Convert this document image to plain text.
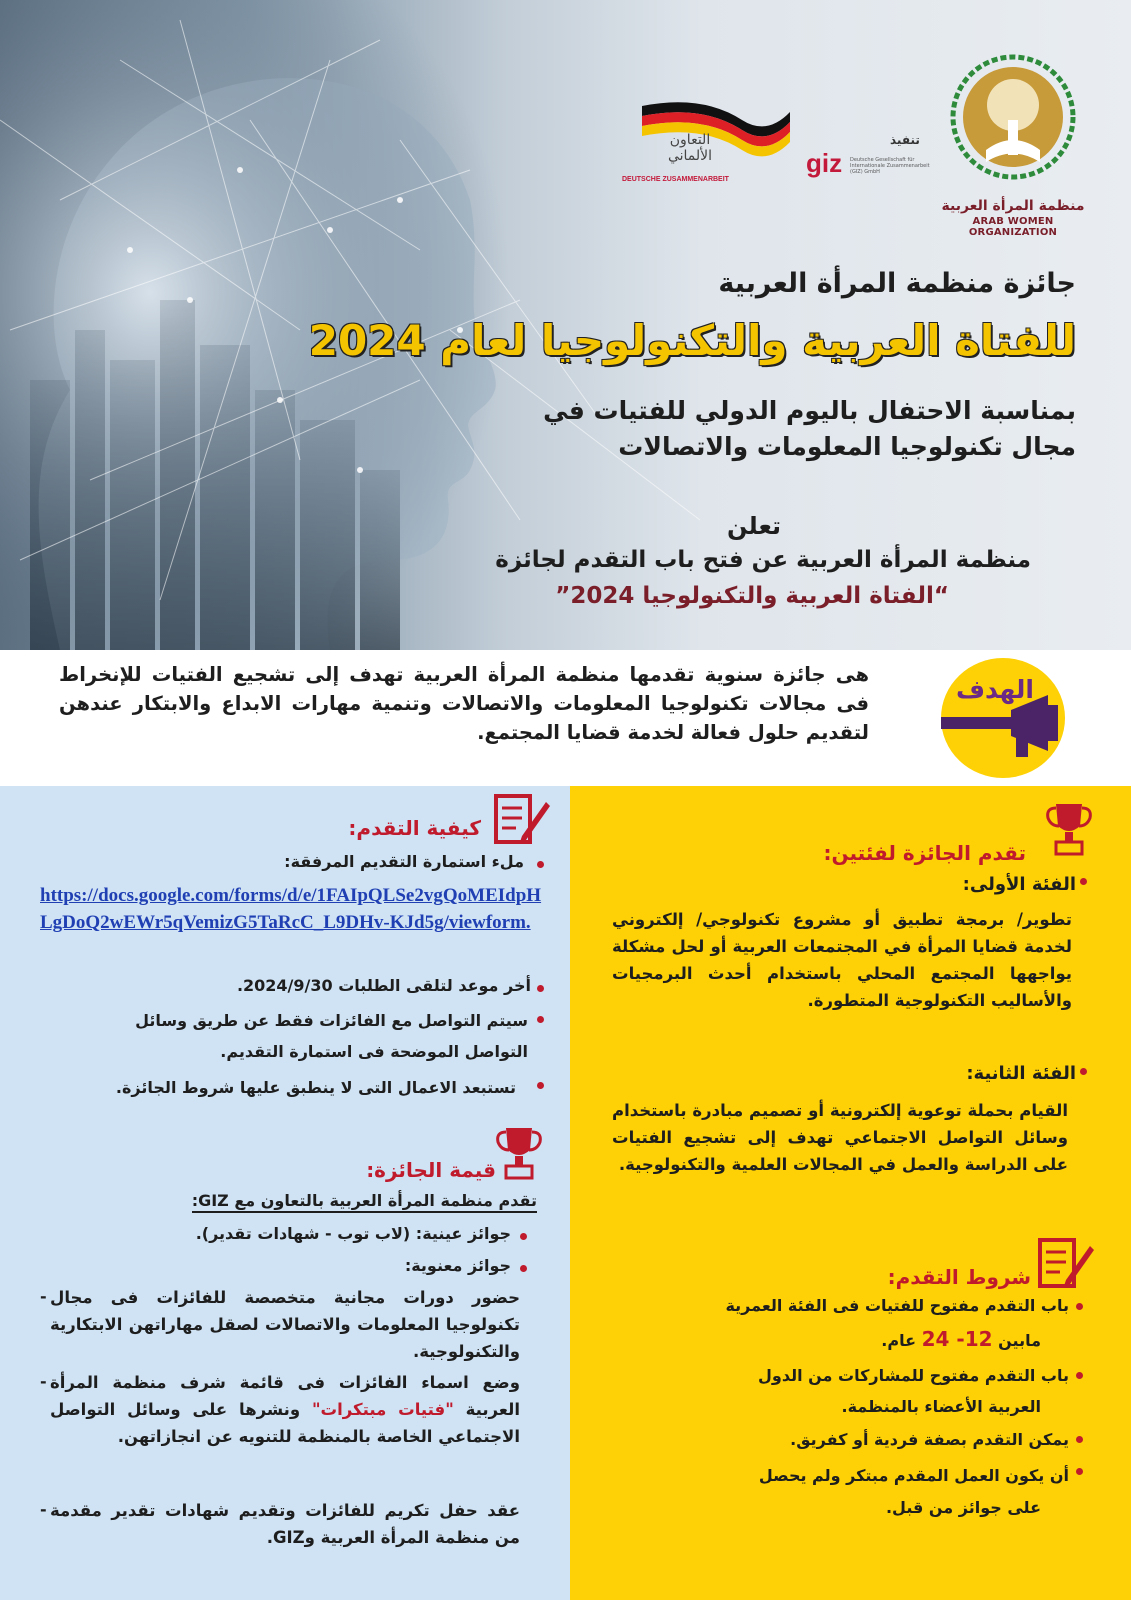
منظمة المرأة العربية
ARAB WOMEN ORGANIZATION
تنفيذ
giz Deutsche Gesellschaft für Internationale Zusammenarbeit (GIZ) GmbH
التعاون
الألماني
DEUTSCHE ZUSAMMENARBEIT

جائزة منظمة المرأة العربية

للفتاة العربية والتكنولوجيا لعام 2024

بمناسبة الاحتفال باليوم الدولي للفتيات في

مجال تكنولوجيا المعلومات والاتصالات

تعلن

منظمة المرأة العربية عن فتح باب التقدم لجائزة

“الفتاة العربية والتكنولوجيا 2024”

هى جائزة سنوية تقدمها منظمة المرأة العربية تهدف إلى تشجيع الفتيات للإنخراط فى مجالات تكنولوجيا المعلومات والاتصالات وتنمية مهارات الابداع والابتكار عندهن لتقديم حلول فعالة لخدمة قضايا المجتمع.

الهدف
كيفية التقدم:
ملء استمارة التقديم المرفقة:

https://docs.google.com/forms/d/e/1FAIpQLSe2vgQoMEIdpHLgDoQ2wEWr5qVemizG5TaRcC_L9DHv-KJd5g/viewform.

أخر موعد لتلقى الطلبات 2024/9/30.
سيتم التواصل مع الفائزات فقط عن طريق وسائل
التواصل الموضحة فى استمارة التقديم.
تستبعد الاعمال التى لا ينطبق عليها شروط الجائزة.
قيمة الجائزة:
تقدم منظمة المرأة العربية بالتعاون مع GIZ:
جوائز عينية: (لاب توب - شهادات تقدير).
جوائز معنوية:
- حضور دورات مجانية متخصصة للفائزات فى مجال تكنولوجيا المعلومات والاتصالات لصقل مهاراتهن الابتكارية والتكنولوجية.

- وضع اسماء الفائزات فى قائمة شرف منظمة المرأة العربية "فتيات مبتكرات" ونشرها على وسائل التواصل الاجتماعي الخاصة بالمنظمة للتنويه عن انجازاتهن.

- عقد حفل تكريم للفائزات وتقديم شهادات تقدير مقدمة من منظمة المرأة العربية وGIZ.

تقدم الجائزة لفئتين:
الفئة الأولى:

تطوير/ برمجة تطبيق أو مشروع تكنولوجي/ إلكتروني لخدمة قضايا المرأة في المجتمعات العربية أو لحل مشكلة يواجهها المجتمع المحلي باستخدام أحدث البرمجيات والأساليب التكنولوجية المتطورة.

الفئة الثانية:

القيام بحملة توعوية إلكترونية أو تصميم مبادرة باستخدام وسائل التواصل الاجتماعي تهدف إلى تشجيع الفتيات على الدراسة والعمل في المجالات العلمية والتكنولوجية.

شروط التقدم:
باب التقدم مفتوح للفتيات فى الفئة العمرية
مابين 12- 24 عام.
باب التقدم مفتوح للمشاركات من الدول
العربية الأعضاء بالمنظمة.
يمكن التقدم بصفة فردية أو كفريق.
أن يكون العمل المقدم مبتكر ولم يحصل
على جوائز من قبل.
